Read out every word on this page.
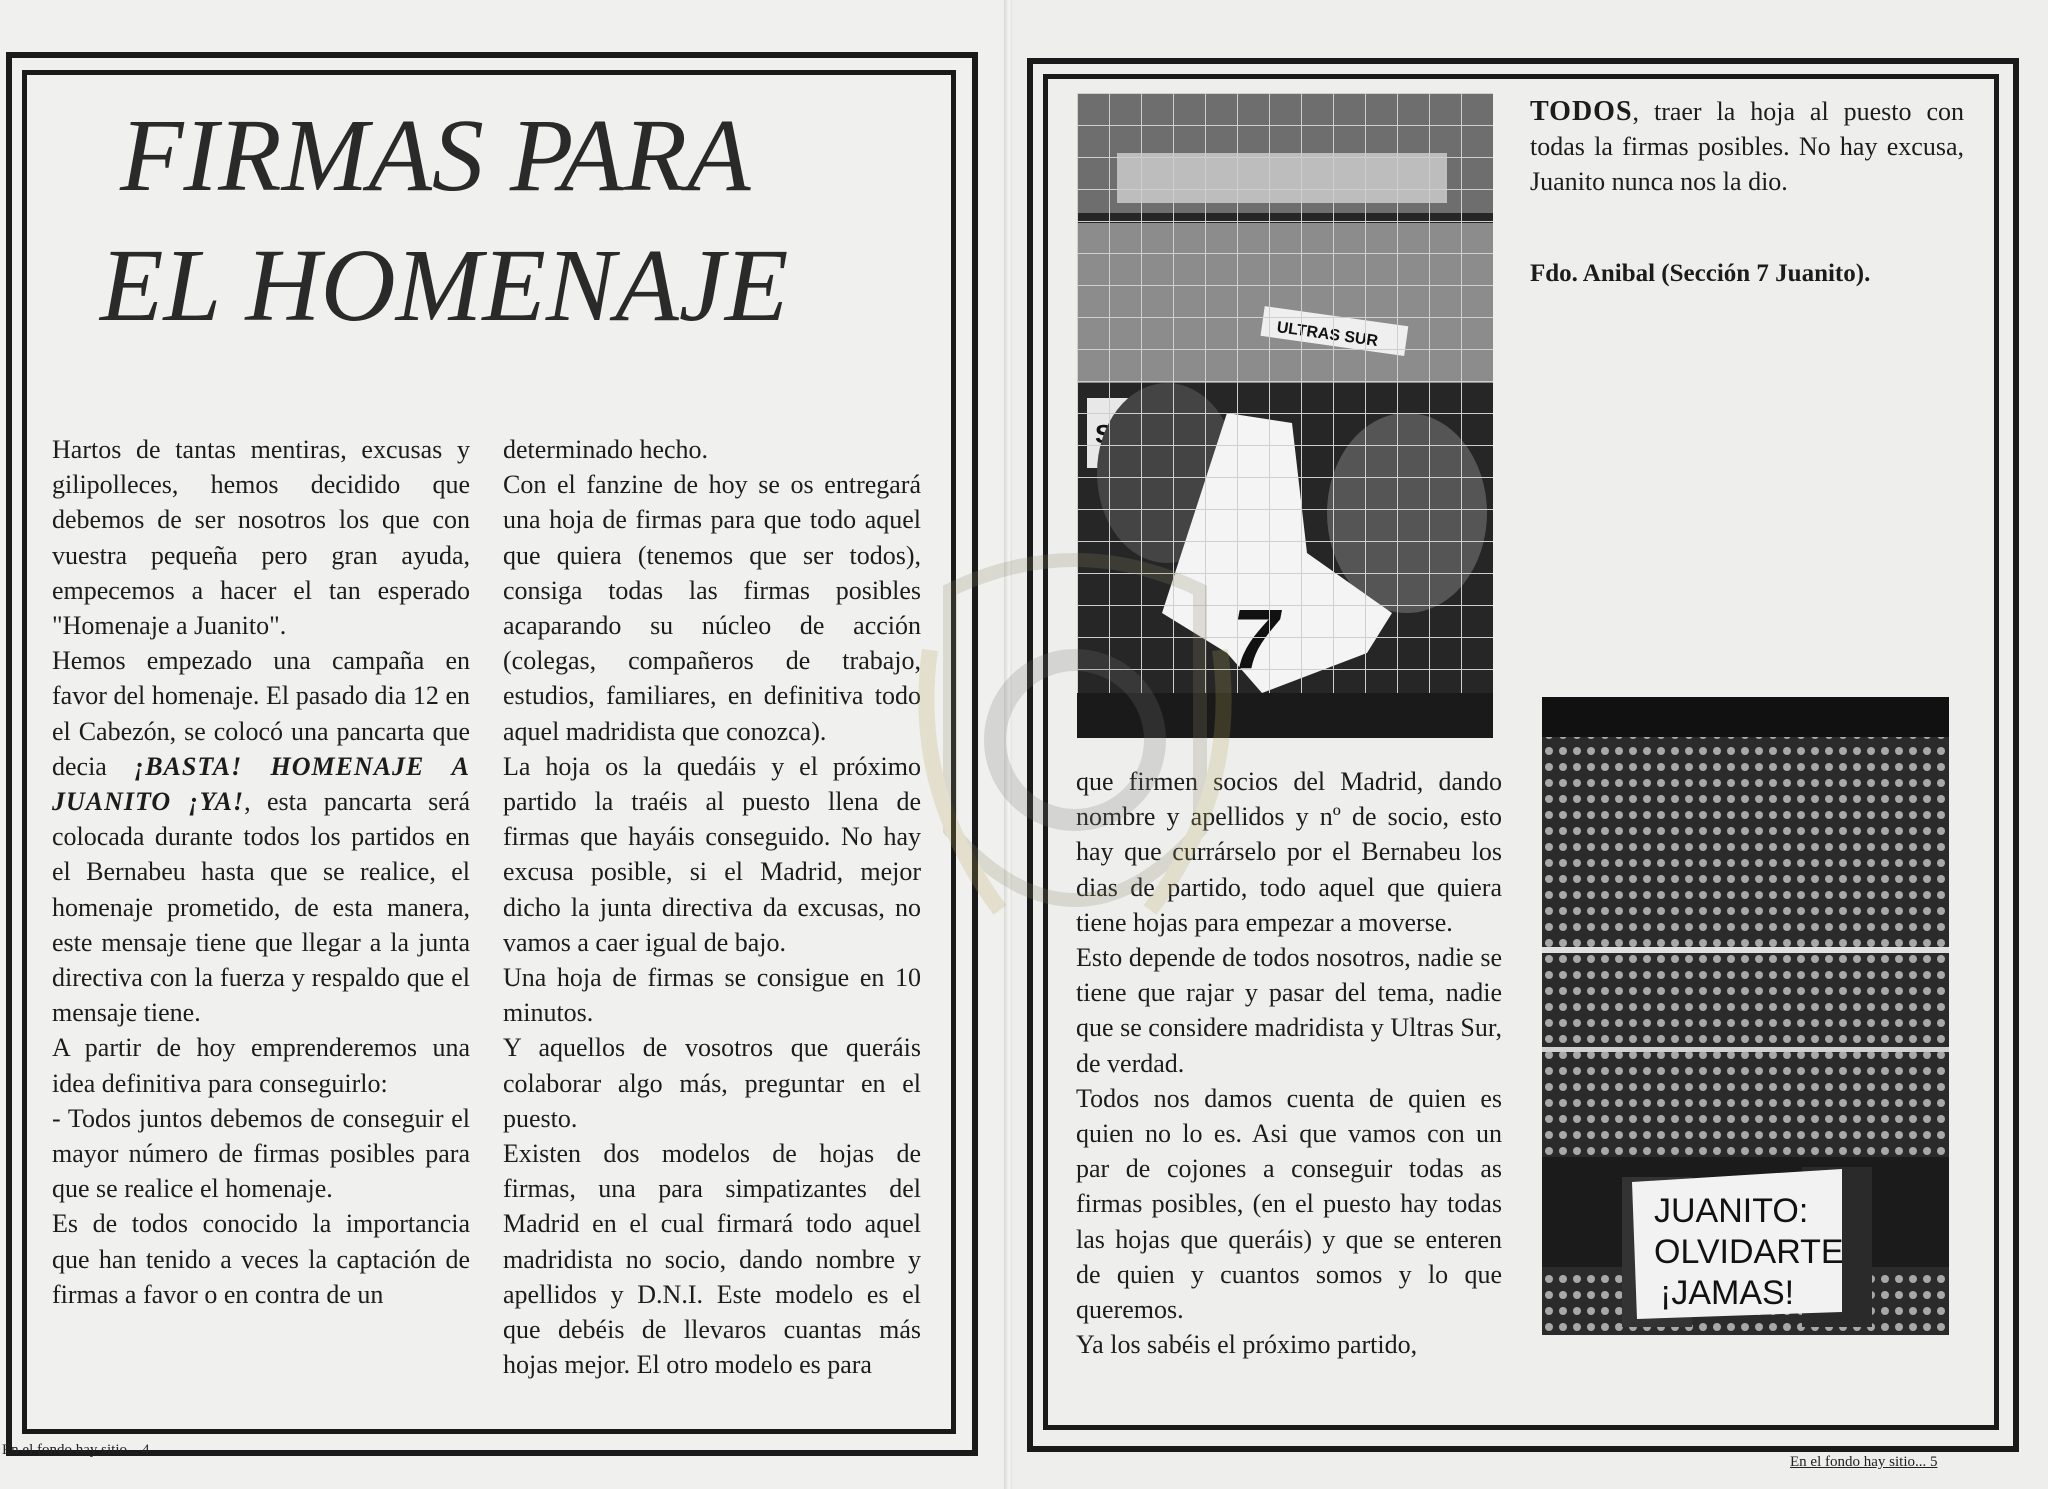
FIRMAS PARA
EL HOMENAJE

Hartos de tantas mentiras, excusas y gilipolleces, hemos decidido que debemos de ser nosotros los que con vuestra pequeña pero gran ayuda, empecemos a hacer el tan esperado "Homenaje a Juanito".

Hemos empezado una campaña en favor del homenaje. El pasado dia 12 en el Cabezón, se colocó una pancarta que decia ¡BASTA! HOMENAJE A JUANITO ¡YA!, esta pancarta será colocada durante todos los partidos en el Bernabeu hasta que se realice, el homenaje prometido, de esta manera, este mensaje tiene que llegar a la junta directiva con la fuerza y respaldo que el mensaje tiene.

A partir de hoy emprenderemos una idea definitiva para conseguirlo:

- Todos juntos debemos de conseguir el mayor número de firmas posibles para que se realice el homenaje.

Es de todos conocido la importancia que han tenido a veces la captación de firmas a favor o en contra de un

determinado hecho.

Con el fanzine de hoy se os entregará una hoja de firmas para que todo aquel que quiera (tenemos que ser todos), consiga todas las firmas posibles acaparando su núcleo de acción (colegas, compañeros de trabajo, estudios, familiares, en definitiva todo aquel madridista que conozca).

La hoja os la quedáis y el próximo partido la traéis al puesto llena de firmas que hayáis conseguido. No hay excusa posible, si el Madrid, mejor dicho la junta directiva da excusas, no vamos a caer igual de bajo.

Una hoja de firmas se consigue en 10 minutos.

Y aquellos de vosotros que queráis colaborar algo más, preguntar en el puesto.

Existen dos modelos de hojas de firmas, una para simpatizantes del Madrid en el cual firmará todo aquel madridista no socio, dando nombre y apellidos y D.N.I. Este modelo es el que debéis de llevaros cuantas más hojas mejor. El otro modelo es para

En el fondo hay sitio... 4

TODOS, traer la hoja al puesto con todas la firmas posibles. No hay excusa, Juanito nunca nos la dio.

Fdo. Anibal (Sección 7 Juanito).

que firmen socios del Madrid, dando nombre y apellidos y nº de socio, esto hay que currárselo por el Bernabeu los dias de partido, todo aquel que quiera tiene hojas para empezar a moverse.

Esto depende de todos nosotros, nadie se tiene que rajar y pasar del tema, nadie que se considere madridista y Ultras Sur, de verdad.

Todos nos damos cuenta de quien es quien no lo es. Asi que vamos con un par de cojones a conseguir todas as firmas posibles, (en el puesto hay todas las hojas que queráis) y que se enteren de quien y cuantos somos y lo que queremos.

Ya los sabéis el próximo partido,

JUANITO:
OLVIDARTE
¡JAMAS!
En el fondo hay sitio... 5
